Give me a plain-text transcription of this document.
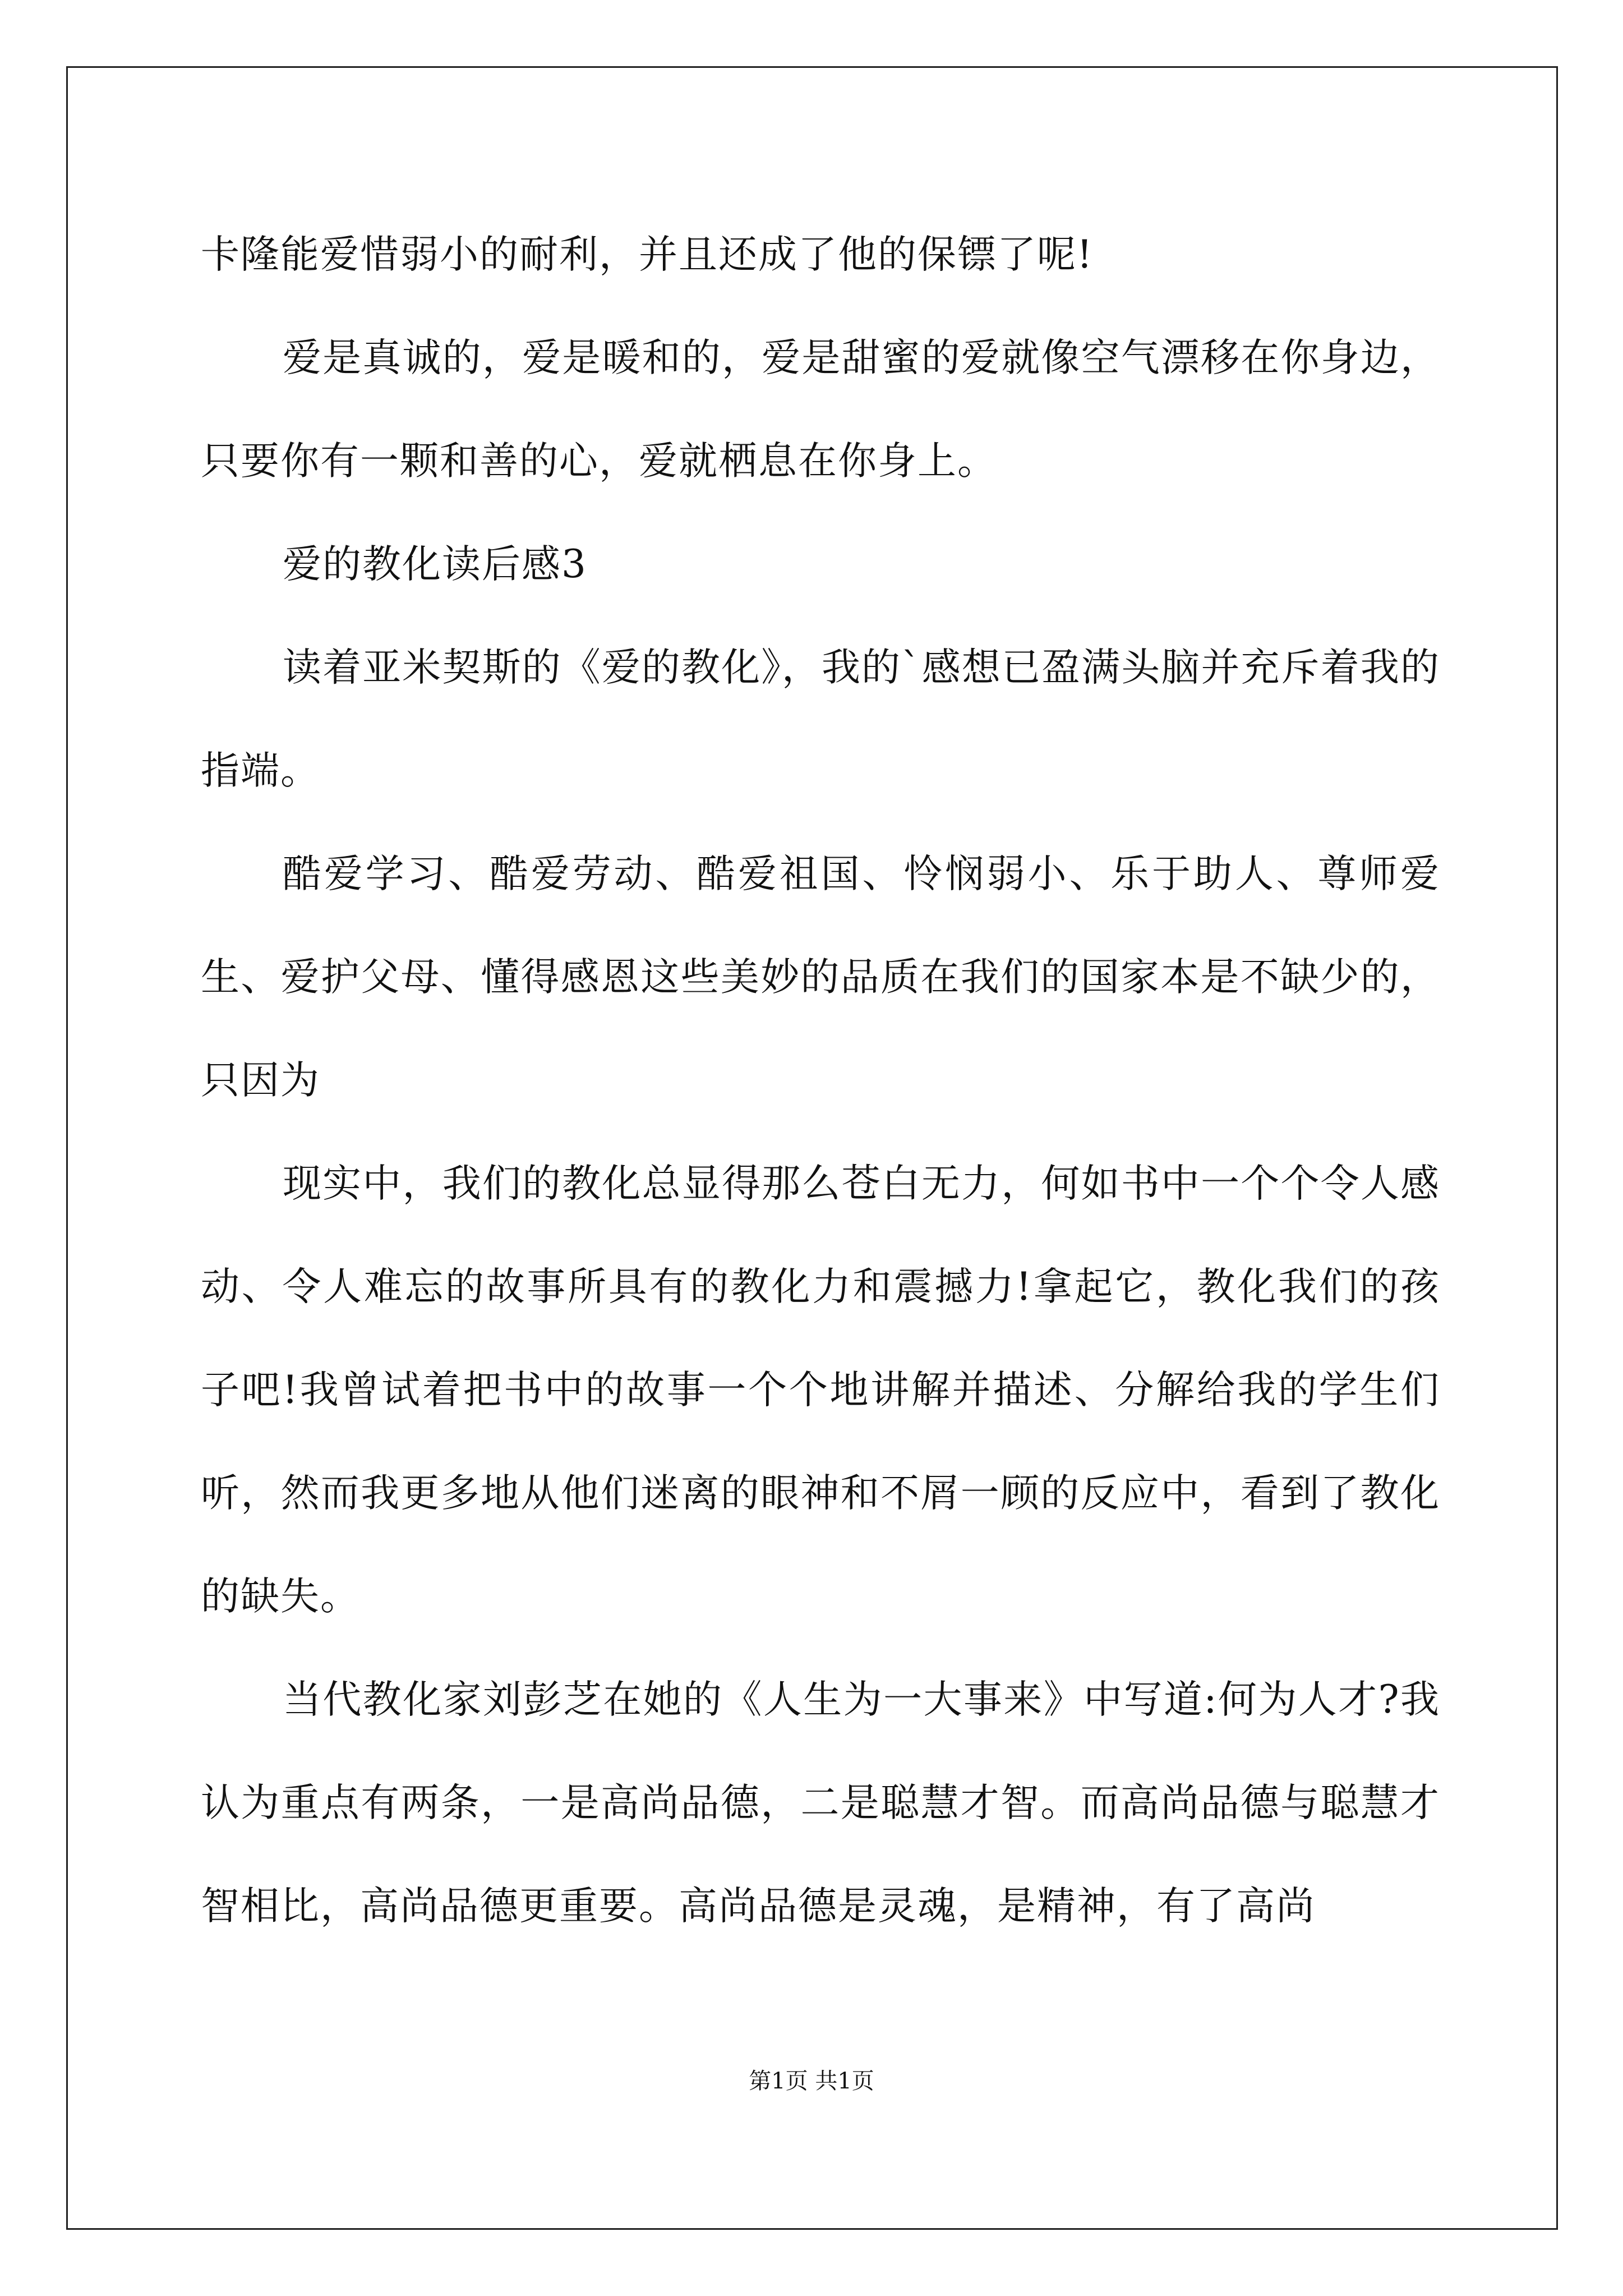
卡隆能爱惜弱小的耐利，并且还成了他的保镖了呢!

爱是真诚的，爱是暖和的，爱是甜蜜的爱就像空气漂移在你身边，只要你有一颗和善的心，爱就栖息在你身上。

爱的教化读后感3

读着亚米契斯的《爱的教化》，我的`感想已盈满头脑并充斥着我的指端。

酷爱学习、酷爱劳动、酷爱祖国、怜悯弱小、乐于助人、尊师爱生、爱护父母、懂得感恩这些美妙的品质在我们的国家本是不缺少的，只因为

现实中，我们的教化总显得那么苍白无力，何如书中一个个令人感动、令人难忘的故事所具有的教化力和震撼力!拿起它，教化我们的孩子吧!我曾试着把书中的故事一个个地讲解并描述、分解给我的学生们听，然而我更多地从他们迷离的眼神和不屑一顾的反应中，看到了教化的缺失。

当代教化家刘彭芝在她的《人生为一大事来》中写道:何为人才?我认为重点有两条，一是高尚品德，二是聪慧才智。而高尚品德与聪慧才智相比，高尚品德更重要。高尚品德是灵魂，是精神，有了高尚

第1页 共1页
